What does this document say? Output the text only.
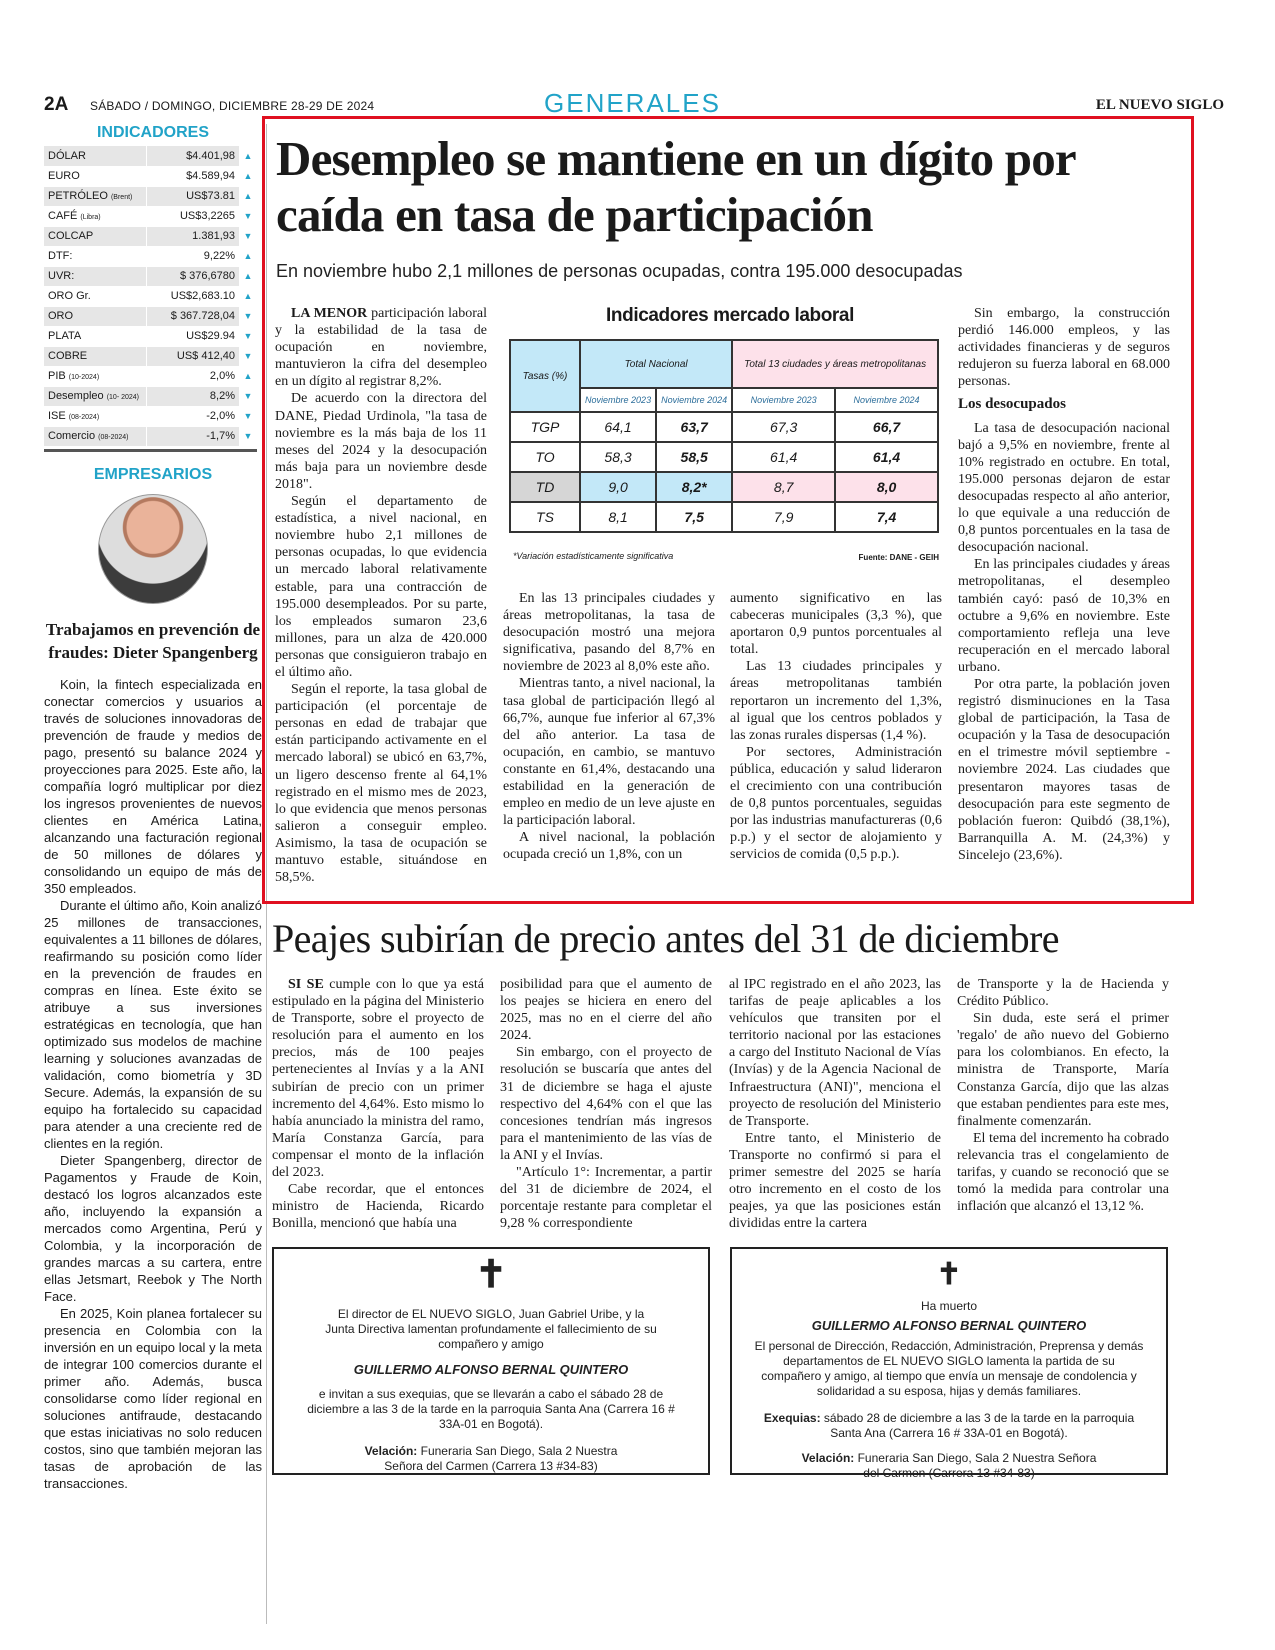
2A SÁBADO / DOMINGO, DICIEMBRE 28-29 DE 2024	GENERALES	EL NUEVO SIGLO
INDICADORES
DÓLAR	$4.401,98	▲
EURO	$4.589,94	▲
PETRÓLEO (Brent)	US$73.81	▲
CAFÉ (Libra)	US$3,2265	▼
COLCAP	1.381,93	▼
DTF:	9,22%	▲
UVR:	$ 376,6780	▲
ORO Gr.	US$2,683.10	▲
ORO	$ 367.728,04	▼
PLATA	US$29.94	▼
COBRE	US$ 412,40	▼
PIB (10-2024)	2,0%	▲
Desempleo (10- 2024)	8,2%	▼
ISE (08-2024)	-2,0%	▼
Comercio (08-2024)	-1,7%	▼
EMPRESARIOS
Trabajamos en prevención de fraudes: Dieter Spangenberg

Koin, la fintech especializada en conectar comercios y usuarios a través de soluciones innovadoras de prevención de fraude y medios de pago, presentó su balance 2024 y proyecciones para 2025. Este año, la compañía logró multiplicar por diez los ingresos provenientes de nuevos clientes en América Latina, alcanzando una facturación regional de 50 millones de dólares y consolidando un equipo de más de 350 empleados.

Durante el último año, Koin analizó 25 millones de transacciones, equivalentes a 11 billones de dólares, reafirmando su posición como líder en la prevención de fraudes en compras en línea. Este éxito se atribuye a sus inversiones estratégicas en tecnología, que han optimizado sus modelos de machine learning y soluciones avanzadas de validación, como biometría y 3D Secure. Además, la expansión de su equipo ha fortalecido su capacidad para atender a una creciente red de clientes en la región.

Dieter Spangenberg, director de Pagamentos y Fraude de Koin, destacó los logros alcanzados este año, incluyendo la expansión a mercados como Argentina, Perú y Colombia, y la incorporación de grandes marcas a su cartera, entre ellas Jetsmart, Reebok y The North Face.

En 2025, Koin planea fortalecer su presencia en Colombia con la inversión en un equipo local y la meta de integrar 100 comercios durante el primer año. Además, busca consolidarse como líder regional en soluciones antifraude, destacando que estas iniciativas no solo reducen costos, sino que también mejoran las tasas de aprobación de las transacciones.

Desempleo se mantiene en un dígito por caída en tasa de participación
En noviembre hubo 2,1 millones de personas ocupadas, contra 195.000 desocupadas

LA MENOR participación laboral y la estabilidad de la tasa de ocupación en noviembre, mantuvieron la cifra del desempleo en un dígito al registrar 8,2%.

De acuerdo con la directora del DANE, Piedad Urdinola, "la tasa de noviembre es la más baja de los 11 meses del 2024 y la desocupación más baja para un noviembre desde 2018".

Según el departamento de estadística, a nivel nacional, en noviembre hubo 2,1 millones de personas ocupadas, lo que evidencia un mercado laboral relativamente estable, para una contracción de 195.000 desempleados. Por su parte, los empleados sumaron 23,6 millones, para un alza de 420.000 personas que consiguieron trabajo en el último año.

Según el reporte, la tasa global de participación (el porcentaje de personas en edad de trabajar que están participando activamente en el mercado laboral) se ubicó en 63,7%, un ligero descenso frente al 64,1% registrado en el mismo mes de 2023, lo que evidencia que menos personas salieron a conseguir empleo. Asimismo, la tasa de ocupación se mantuvo estable, situándose en 58,5%.

Indicadores mercado laboral
Tasas (%)	Total Nacional		Total 13 ciudades y áreas metropolitanas	
	Noviembre 2023	Noviembre 2024	Noviembre 2023	Noviembre 2024
TGP	64,1	63,7	67,3	66,7
TO	58,3	58,5	61,4	61,4
TD	9,0	8,2*	8,7	8,0
TS	8,1	7,5	7,9	7,4
*Variación estadísticamente significativa	Fuente: DANE - GEIH

En las 13 principales ciudades y áreas metropolitanas, la tasa de desocupación mostró una mejora significativa, pasando del 8,7% en noviembre de 2023 al 8,0% este año.

Mientras tanto, a nivel nacional, la tasa global de participación llegó al 66,7%, aunque fue inferior al 67,3% del año anterior. La tasa de ocupación, en cambio, se mantuvo constante en 61,4%, destacando una estabilidad en la generación de empleo en medio de un leve ajuste en la participación laboral.

A nivel nacional, la población ocupada creció un 1,8%, con un

aumento significativo en las cabeceras municipales (3,3 %), que aportaron 0,9 puntos porcentuales al total.

Las 13 ciudades principales y áreas metropolitanas también reportaron un incremento del 1,3%, al igual que los centros poblados y las zonas rurales dispersas (1,4 %).

Por sectores, Administración pública, educación y salud lideraron el crecimiento con una contribución de 0,8 puntos porcentuales, seguidas por las industrias manufactureras (0,6 p.p.) y el sector de alojamiento y servicios de comida (0,5 p.p.).

Sin embargo, la construcción perdió 146.000 empleos, y las actividades financieras y de seguros redujeron su fuerza laboral en 68.000 personas.

Los desocupados

La tasa de desocupación nacional bajó a 9,5% en noviembre, frente al 10% registrado en octubre. En total, 195.000 personas dejaron de estar desocupadas respecto al año anterior, lo que equivale a una reducción de 0,8 puntos porcentuales en la tasa de desocupación nacional.

En las principales ciudades y áreas metropolitanas, el desempleo también cayó: pasó de 10,3% en octubre a 9,6% en noviembre. Este comportamiento refleja una leve recuperación en el mercado laboral urbano.

Por otra parte, la población joven registró disminuciones en la Tasa global de participación, la Tasa de ocupación y la Tasa de desocupación en el trimestre móvil septiembre - noviembre 2024. Las ciudades que presentaron mayores tasas de desocupación para este segmento de población fueron: Quibdó (38,1%), Barranquilla A. M. (24,3%) y Sincelejo (23,6%).

Peajes subirían de precio antes del 31 de diciembre

SI SE cumple con lo que ya está estipulado en la página del Ministerio de Transporte, sobre el proyecto de resolución para el aumento en los precios, más de 100 peajes pertenecientes al Invías y a la ANI subirían de precio con un primer incremento del 4,64%. Esto mismo lo había anunciado la ministra del ramo, María Constanza García, para compensar el monto de la inflación del 2023.

Cabe recordar, que el entonces ministro de Hacienda, Ricardo Bonilla, mencionó que había una

posibilidad para que el aumento de los peajes se hiciera en enero del 2025, mas no en el cierre del año 2024.

Sin embargo, con el proyecto de resolución se buscaría que antes del 31 de diciembre se haga el ajuste respectivo del 4,64% con el que las concesiones tendrían más ingresos para el mantenimiento de las vías de la ANI y el Invías.

"Artículo 1°: Incrementar, a partir del 31 de diciembre de 2024, el porcentaje restante para completar el 9,28 % correspondiente

al IPC registrado en el año 2023, las tarifas de peaje aplicables a los vehículos que transiten por el territorio nacional por las estaciones a cargo del Instituto Nacional de Vías (Invías) y de la Agencia Nacional de Infraestructura (ANI)", menciona el proyecto de resolución del Ministerio de Transporte.

Entre tanto, el Ministerio de Transporte no confirmó si para el primer semestre del 2025 se haría otro incremento en el costo de los peajes, ya que las posiciones están divididas entre la cartera

de Transporte y la de Hacienda y Crédito Público.

Sin duda, este será el primer 'regalo' de año nuevo del Gobierno para los colombianos. En efecto, la ministra de Transporte, María Constanza García, dijo que las alzas que estaban pendientes para este mes, finalmente comenzarán.

El tema del incremento ha cobrado relevancia tras el congelamiento de tarifas, y cuando se reconoció que se tomó la medida para controlar una inflación que alcanzó el 13,12 %.

✝
El director de EL NUEVO SIGLO, Juan Gabriel Uribe, y la Junta Directiva lamentan profundamente el fallecimiento de su compañero y amigo
GUILLERMO ALFONSO BERNAL QUINTERO
e invitan a sus exequias, que se llevarán a cabo el sábado 28 de diciembre a las 3 de la tarde en la parroquia Santa Ana (Carrera 16 # 33A-01 en Bogotá).
Velación: Funeraria San Diego, Sala 2 Nuestra Señora del Carmen (Carrera 13 #34-83)
✝
Ha muerto
GUILLERMO ALFONSO BERNAL QUINTERO
El personal de Dirección, Redacción, Administración, Preprensa y demás departamentos de EL NUEVO SIGLO lamenta la partida de su compañero y amigo, al tiempo que envía un mensaje de condolencia y solidaridad a su esposa, hijas y demás familiares.
Exequias: sábado 28 de diciembre a las 3 de la tarde en la parroquia Santa Ana (Carrera 16 # 33A-01 en Bogotá).
Velación: Funeraria San Diego, Sala 2 Nuestra Señora del Carmen (Carrera 13 #34-83)
